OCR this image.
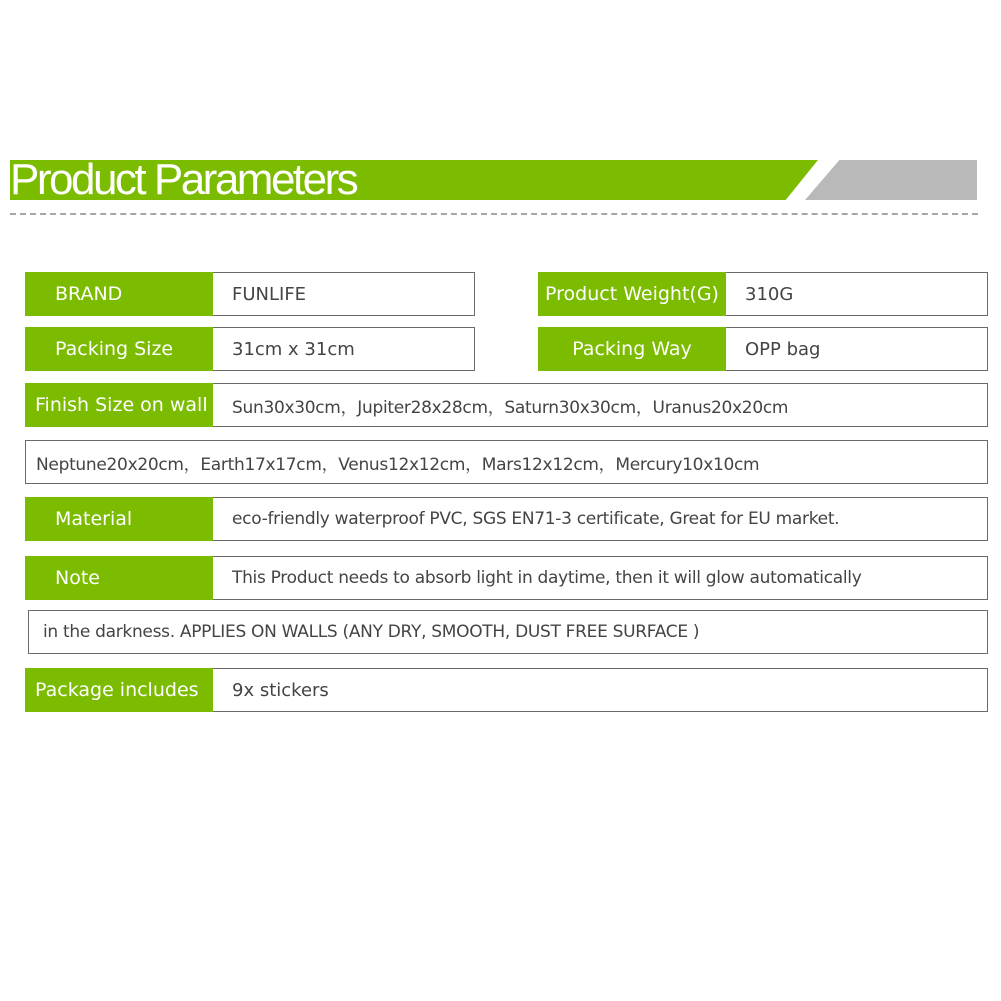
Product Parameters
BRAND	FUNLIFE	Product Weight(G)	310G
Packing Size	31cm x 31cm	Packing Way	OPP bag
Finish Size on wall	Sun30x30cm，Jupiter28x28cm，Saturn30x30cm，Uranus20x20cm
Neptune20x20cm，Earth17x17cm，Venus12x12cm，Mars12x12cm，Mercury10x10cm
Material	eco-friendly waterproof PVC, SGS EN71-3 certificate, Great for EU market.
Note	This Product needs to absorb light in daytime, then it will glow automatically
in the darkness. APPLIES ON WALLS (ANY DRY, SMOOTH, DUST FREE SURFACE )
Package includes	9x stickers
